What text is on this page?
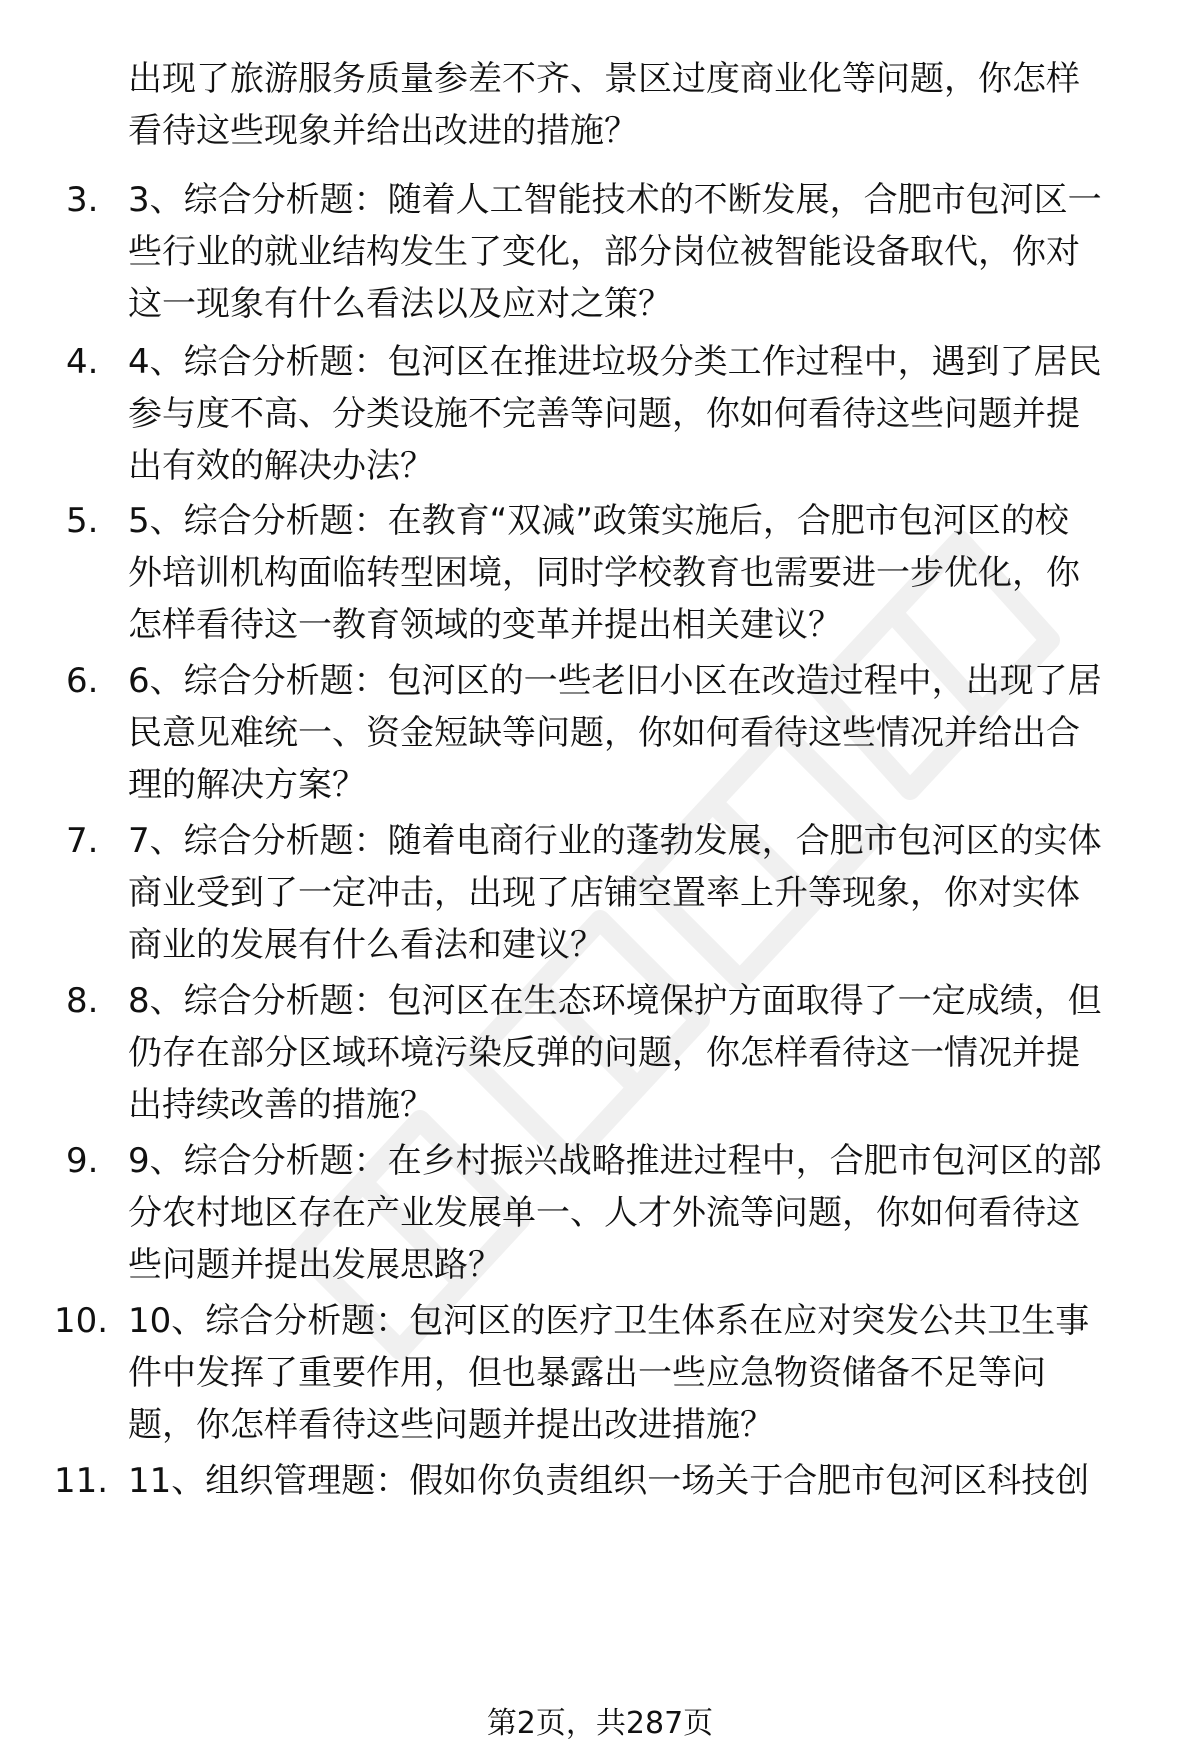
出现了旅游服务质量参差不齐、景区过度商业化等问题，你怎样
看待这些现象并给出改进的措施？
3. 3、综合分析题：随着人工智能技术的不断发展，合肥市包河区一
些行业的就业结构发生了变化，部分岗位被智能设备取代，你对
这一现象有什么看法以及应对之策？
4. 4、综合分析题：包河区在推进垃圾分类工作过程中，遇到了居民
参与度不高、分类设施不完善等问题，你如何看待这些问题并提
出有效的解决办法？
5. 5、综合分析题：在教育“双减”政策实施后，合肥市包河区的校
外培训机构面临转型困境，同时学校教育也需要进一步优化，你
怎样看待这一教育领域的变革并提出相关建议？
6. 6、综合分析题：包河区的一些老旧小区在改造过程中，出现了居
民意见难统一、资金短缺等问题，你如何看待这些情况并给出合
理的解决方案？
7. 7、综合分析题：随着电商行业的蓬勃发展，合肥市包河区的实体
商业受到了一定冲击，出现了店铺空置率上升等现象，你对实体
商业的发展有什么看法和建议？
8. 8、综合分析题：包河区在生态环境保护方面取得了一定成绩，但
仍存在部分区域环境污染反弹的问题，你怎样看待这一情况并提
出持续改善的措施？
9. 9、综合分析题：在乡村振兴战略推进过程中，合肥市包河区的部
分农村地区存在产业发展单一、人才外流等问题，你如何看待这
些问题并提出发展思路？
10. 10、综合分析题：包河区的医疗卫生体系在应对突发公共卫生事
件中发挥了重要作用，但也暴露出一些应急物资储备不足等问
题，你怎样看待这些问题并提出改进措施？
11. 11、组织管理题：假如你负责组织一场关于合肥市包河区科技创
第2页，共287页
